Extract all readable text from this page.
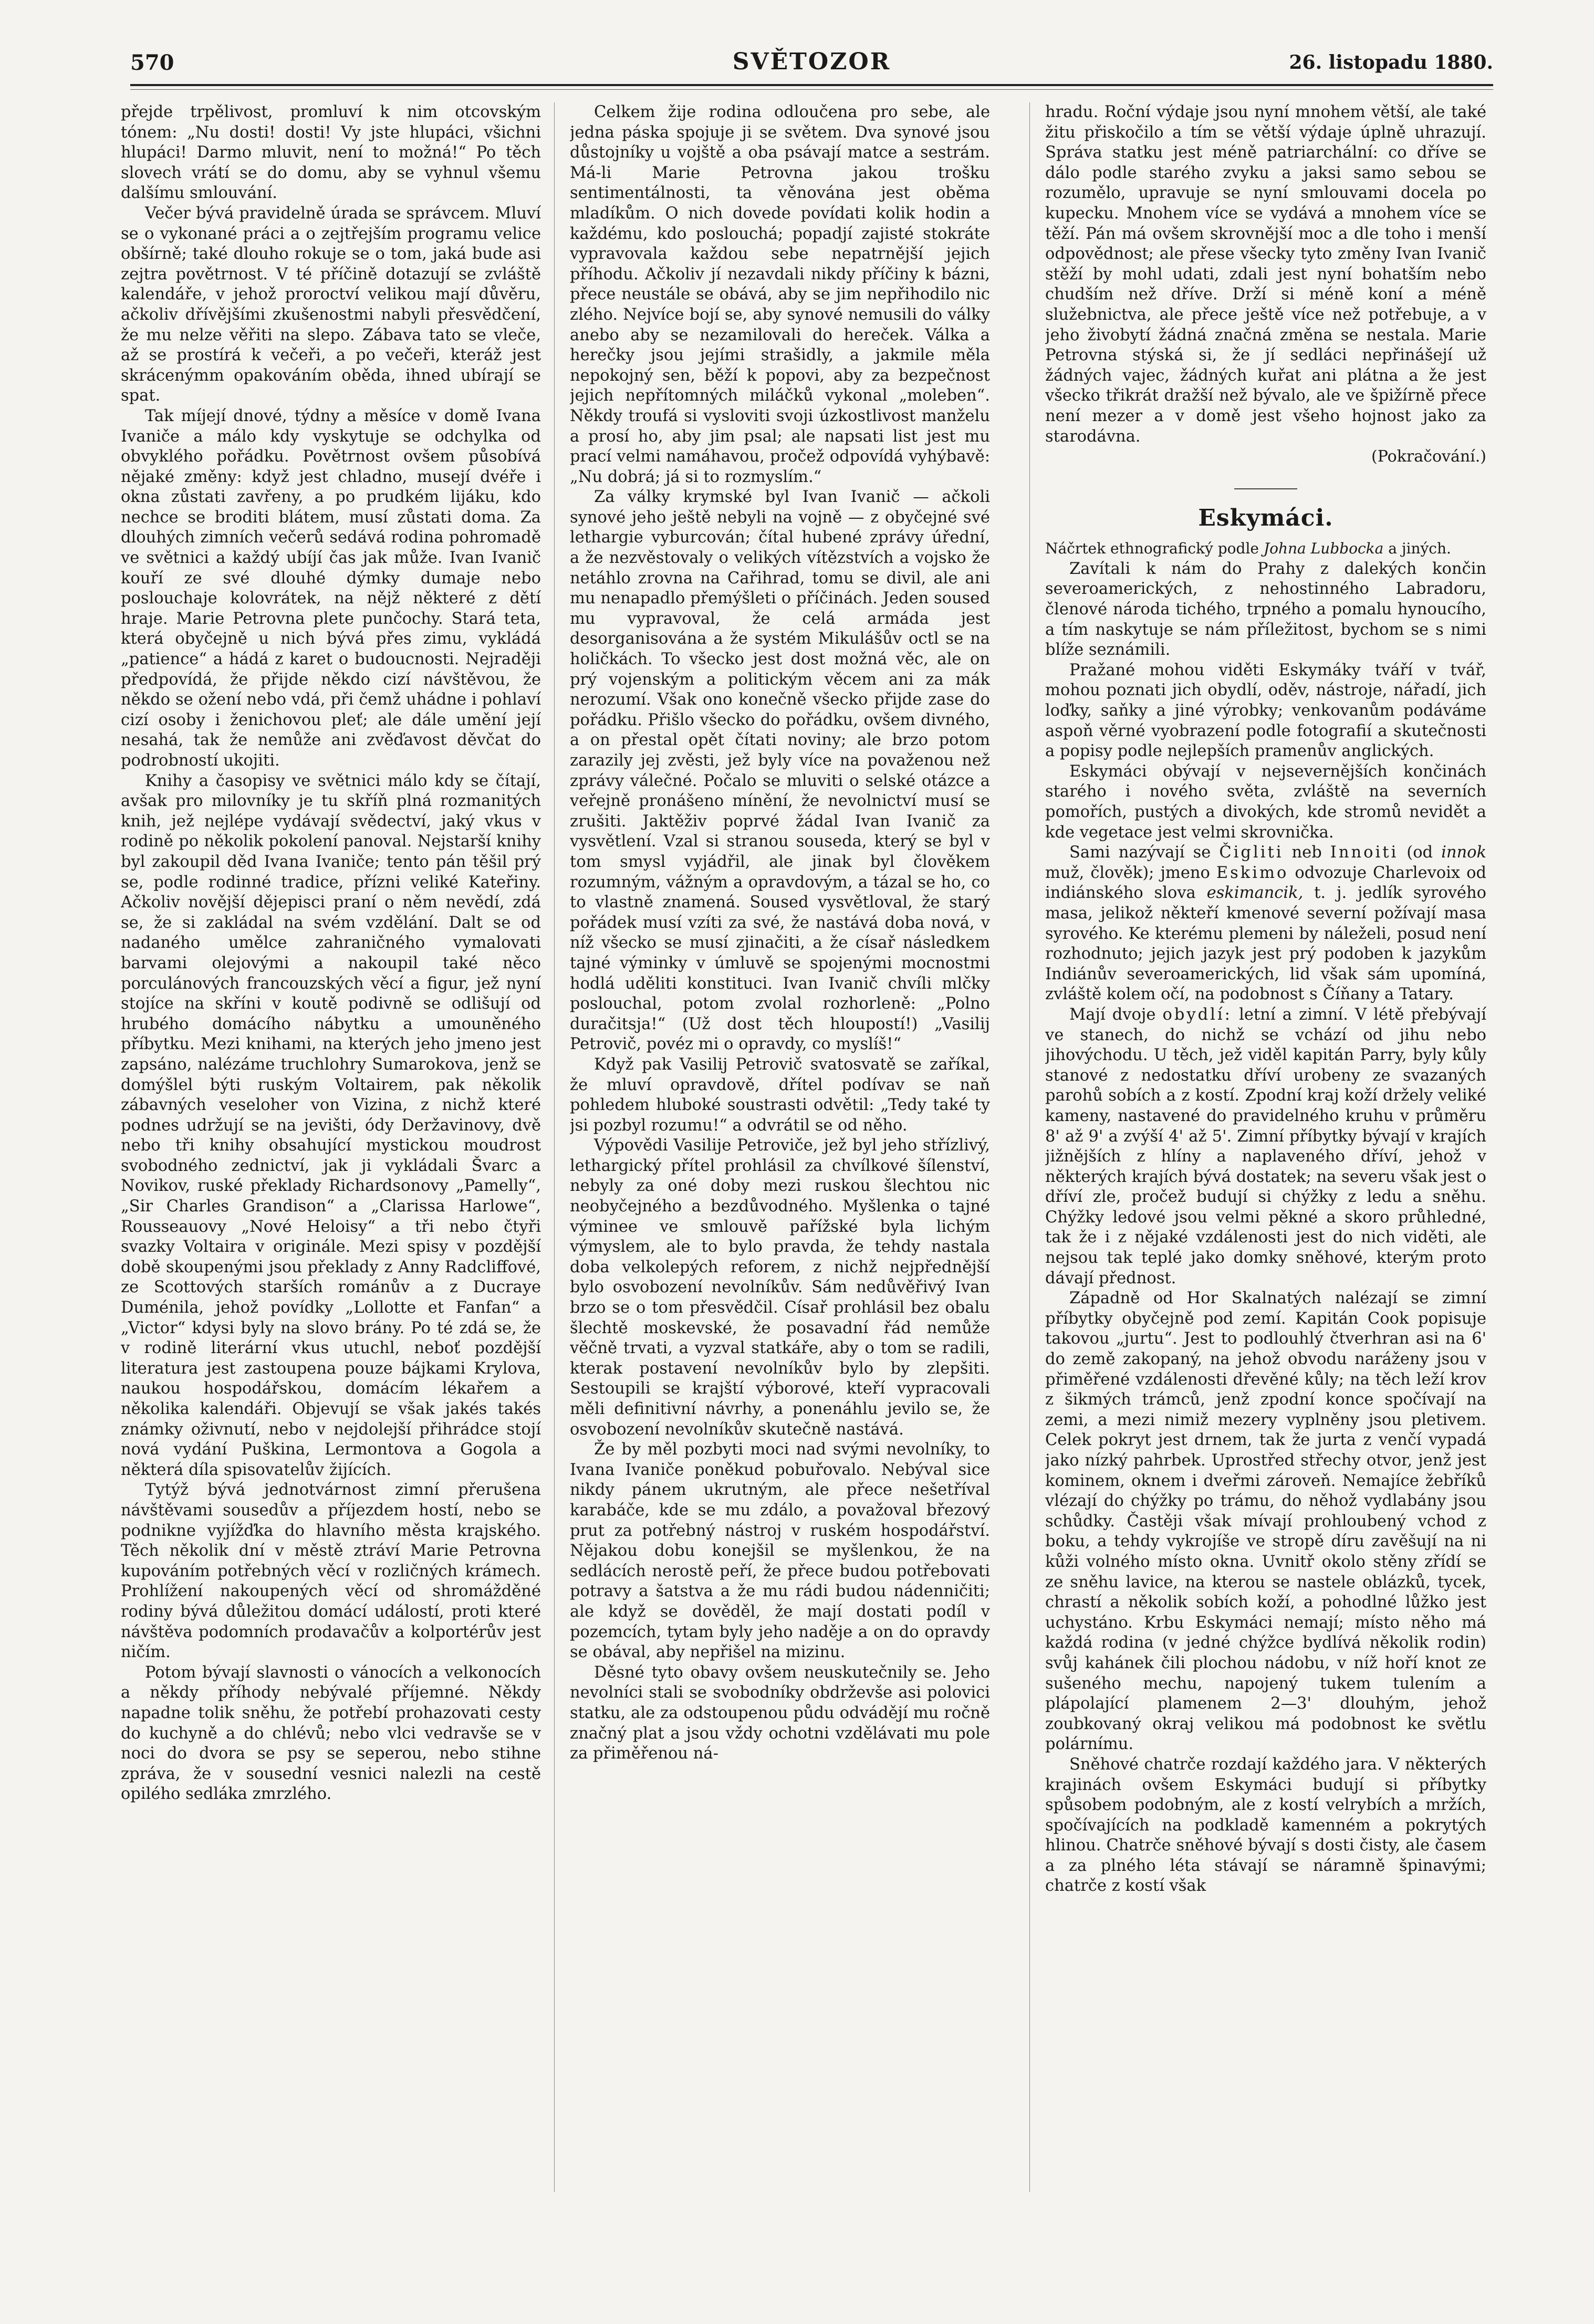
570	SVĚTOZOR	26. listopadu 1880.

přejde trpělivost, promluví k nim otcovským tónem: „Nu dosti! dosti! Vy jste hlupáci, všichni hlupáci! Darmo mluvit, není to možná!“ Po těch slovech vrátí se do domu, aby se vyhnul všemu dalšímu smlouvání.

Večer bývá pravidelně úrada se správcem. Mluví se o vykonané práci a o zejtřejším programu velice obšírně; také dlouho rokuje se o tom, jaká bude asi zejtra povětrnost. V té příčině dotazují se zvláště kalendáře, v jehož proroctví velikou mají důvěru, ačkoliv dřívějšími zkušenostmi nabyli přesvědčení, že mu nelze věřiti na slepo. Zábava tato se vleče, až se prostírá k večeři, a po večeři, kteráž jest skrácenýmm opakováním oběda, ihned ubírají se spat.

Tak míjejí dnové, týdny a měsíce v domě Ivana Ivaniče a málo kdy vyskytuje se odchylka od obvyklého pořádku. Povětrnost ovšem působívá nějaké změny: když jest chladno, musejí dvéře i okna zůstati zavřeny, a po prudkém lijáku, kdo nechce se broditi blátem, musí zůstati doma. Za dlouhých zimních večerů sedává rodina pohromadě ve světnici a každý ubíjí čas jak může. Ivan Ivanič kouří ze své dlouhé dýmky dumaje nebo poslouchaje kolovrátek, na nějž některé z dětí hraje. Marie Petrovna plete punčochy. Stará teta, která obyčejně u nich bývá přes zimu, vykládá „patience“ a hádá z karet o budoucnosti. Nejraději předpovídá, že přijde někdo cizí návštěvou, že někdo se ožení nebo vdá, při čemž uhádne i pohlaví cizí osoby i ženichovou pleť; ale dále umění její nesahá, tak že nemůže ani zvěďavost děvčat do podrobností ukojiti.

Knihy a časopisy ve světnici málo kdy se čítají, avšak pro milovníky je tu skříň plná rozmanitých knih, jež nejlépe vydávají svědectví, jaký vkus v rodině po několik pokolení panoval. Nejstarší knihy byl zakoupil děd Ivana Ivaniče; tento pán těšil prý se, podle rodinné tradice, přízni veliké Kateřiny. Ačkoliv novější dějepisci praní o něm nevědí, zdá se, že si zakládal na svém vzdělání. Dalt se od nadaného umělce zahraničného vymalovati barvami olejovými a nakoupil také něco porculánových francouzských věcí a figur, jež nyní stojíce na skříni v koutě podivně se odlišují od hrubého domácího nábytku a umouněného příbytku. Mezi knihami, na kterých jeho jmeno jest zapsáno, nalézáme truchlohry Sumarokova, jenž se domýšlel býti ruským Voltairem, pak několik zábavných veseloher von Vizina, z nichž které podnes udržují se na jevišti, ódy Deržavinovy, dvě nebo tři knihy obsahující mystickou moudrost svobodného zednictví, jak ji vykládali Švarc a Novikov, ruské překlady Richardsonovy „Pamelly“, „Sir Charles Grandison“ a „Clarissa Harlowe“, Rousseauovy „Nové Heloisy“ a tři nebo čtyři svazky Voltaira v originále. Mezi spisy v pozdější době skoupenými jsou překlady z Anny Radcliffové, ze Scottových starších románův a z Ducraye Duménila, jehož povídky „Lollotte et Fanfan“ a „Victor“ kdysi byly na slovo brány. Po té zdá se, že v rodině literární vkus utuchl, neboť pozdější literatura jest zastoupena pouze bájkami Krylova, naukou hospodářskou, domácím lékařem a několika kalendáři. Objevují se však jakés takés známky oživnutí, nebo v nejdolejší přihrádce stojí nová vydání Puškina, Lermontova a Gogola a některá díla spisovatelův žijících.

Tytýž bývá jednotvárnost zimní přerušena návštěvami sousedův a příjezdem hostí, nebo se podnikne vyjížďka do hlavního města krajského. Těch několik dní v městě ztráví Marie Petrovna kupováním potřebných věcí v rozličných krámech. Prohlížení nakoupených věcí od shromážděné rodiny bývá důležitou domácí událostí, proti které návštěva podomních prodavačův a kolportérův jest ničím.

Potom bývají slavnosti o vánocích a velkonocích a někdy příhody nebývalé příjemné. Někdy napadne tolik sněhu, že potřebí prohazovati cesty do kuchyně a do chlévů; nebo vlci vedravše se v noci do dvora se psy se seperou, nebo stihne zpráva, že v sousední vesnici nalezli na cestě opilého sedláka zmrzlého.

Celkem žije rodina odloučena pro sebe, ale jedna páska spojuje ji se světem. Dva synové jsou důstojníky u vojště a oba psávají matce a sestrám. Má-li Marie Petrovna jakou trošku sentimentálnosti, ta věnována jest oběma mladíkům. O nich dovede povídati kolik hodin a každému, kdo poslouchá; popadjí zajisté stokráte vypravovala každou sebe nepatrnější jejich příhodu. Ačkoliv jí nezavdali nikdy příčiny k bázni, přece neustále se obává, aby se jim nepřihodilo nic zlého. Nejvíce bojí se, aby synové nemusili do války anebo aby se nezamilovali do hereček. Válka a herečky jsou jejími strašidly, a jakmile měla nepokojný sen, běží k popovi, aby za bezpečnost jejich nepřítomných miláčků vykonal „moleben“. Někdy troufá si vysloviti svoji úzkostlivost manželu a prosí ho, aby jim psal; ale napsati list jest mu prací velmi namáhavou, pročež odpovídá vyhýbavě: „Nu dobrá; já si to rozmyslím.“

Za války krymské byl Ivan Ivanič — ačkoli synové jeho ještě nebyli na vojně — z obyčejné své lethargie vyburcován; čítal hubené zprávy úřední, a že nezvěstovaly o velikých vítězstvích a vojsko že netáhlo zrovna na Cařihrad, tomu se divil, ale ani mu nenapadlo přemýšleti o příčinách. Jeden soused mu vypravoval, že celá armáda jest desorganisována a že systém Mikulášův octl se na holičkách. To všecko jest dost možná věc, ale on prý vojenským a politickým věcem ani za mák nerozumí. Však ono konečně všecko přijde zase do pořádku. Přišlo všecko do pořádku, ovšem divného, a on přestal opět čítati noviny; ale brzo potom zarazily jej zvěsti, jež byly více na považenou než zprávy válečné. Počalo se mluviti o selské otázce a veřejně pronášeno mínění, že nevolnictví musí se zrušiti. Jaktěživ poprvé žádal Ivan Ivanič za vysvětlení. Vzal si stranou souseda, který se byl v tom smysl vyjádřil, ale jinak byl člověkem rozumným, vážným a opravdovým, a tázal se ho, co to vlastně znamená. Soused vysvětloval, že starý pořádek musí vzíti za své, že nastává doba nová, v níž všecko se musí zjinačiti, a že císař následkem tajné výminky v úmluvě se spojenými mocnostmi hodlá uděliti konstituci. Ivan Ivanič chvíli mlčky poslouchal, potom zvolal rozhorleně: „Polno duračitsja!“ (Už dost těch hloupostí!) „Vasilij Petrovič, povéz mi o opravdy, co myslíš!“

Když pak Vasilij Petrovič svatosvatě se zaříkal, že mluví opravdově, dřítel podívav se naň pohledem hluboké soustrasti odvětil: „Tedy také ty jsi pozbyl rozumu!“ a odvrátil se od něho.

Výpovědi Vasilije Petroviče, jež byl jeho střízlivý, lethargický přítel prohlásil za chvílkové šílenství, nebyly za oné doby mezi ruskou šlechtou nic neobyčejného a bezdůvodného. Myšlenka o tajné výminee ve smlouvě pařížské byla lichým výmyslem, ale to bylo pravda, že tehdy nastala doba velkolepých reforem, z nichž nejpřednější bylo osvobození nevolníkův. Sám nedůvěřivý Ivan brzo se o tom přesvědčil. Císař prohlásil bez obalu šlechtě moskevské, že posavadní řád nemůže věčně trvati, a vyzval statkáře, aby o tom se radili, kterak postavení nevolníkův bylo by zlepšiti. Sestoupili se krajští výborové, kteří vypracovali měli definitivní návrhy, a ponenáhlu jevilo se, že osvobození nevolníkův skutečně nastává.

Že by měl pozbyti moci nad svými nevolníky, to Ivana Ivaniče poněkud pobuřovalo. Nebýval sice nikdy pánem ukrutným, ale přece nešetříval karabáče, kde se mu zdálo, a považoval březový prut za potřebný nástroj v ruském hospodářství. Nějakou dobu konejšil se myšlenkou, že na sedlácích nerostě peří, že přece budou potřebovati potravy a šatstva a že mu rádi budou nádenničiti; ale když se dověděl, že mají dostati podíl v pozemcích, tytam byly jeho naděje a on do opravdy se obával, aby nepřišel na mizinu.

Děsné tyto obavy ovšem neuskutečnily se. Jeho nevolníci stali se svobodníky obdrževše asi polovici statku, ale za odstoupenou půdu odvádějí mu ročně značný plat a jsou vždy ochotni vzdělávati mu pole za přiměřenou ná-

hradu. Roční výdaje jsou nyní mnohem větší, ale také žitu přiskočilo a tím se větší výdaje úplně uhrazují. Správa statku jest méně patriarchální: co dříve se dálo podle starého zvyku a jaksi samo sebou se rozumělo, upravuje se nyní smlouvami docela po kupecku. Mnohem více se vydává a mnohem více se těží. Pán má ovšem skrovnější moc a dle toho i menší odpovědnost; ale přese všecky tyto změny Ivan Ivanič stěží by mohl udati, zdali jest nyní bohatším nebo chudším než dříve. Drží si méně koní a méně služebnictva, ale přece ještě více než potřebuje, a v jeho živobytí žádná značná změna se nestala. Marie Petrovna stýská si, že jí sedláci nepřinášejí už žádných vajec, žádných kuřat ani plátna a že jest všecko třikrát dražší než bývalo, ale ve špižírně přece není mezer a v domě jest všeho hojnost jako za starodávna.

(Pokračování.)

Eskymáci.

Náčrtek ethnografický podle Johna Lubbocka a jiných.

Zavítali k nám do Prahy z dalekých končin severoamerických, z nehostinného Labradoru, členové národa tichého, trpného a pomalu hynoucího, a tím naskytuje se nám příležitost, bychom se s nimi blíže seznámili.

Pražané mohou viděti Eskymáky tváří v tvář, mohou poznati jich obydlí, oděv, nástroje, nářadí, jich loďky, saňky a jiné výrobky; venkovanům podáváme aspoň věrné vyobrazení podle fotografií a skutečnosti a popisy podle nejlepších pramenův anglických.

Eskymáci obývají v nejsevernějších končinách starého i nového světa, zvláště na severních pomořích, pustých a divokých, kde stromů nevidět a kde vegetace jest velmi skrovnička.

Sami nazývají se Čigliti neb Innoiti (od innok muž, člověk); jmeno Eskimo odvozuje Charlevoix od indiánského slova eskimancik, t. j. jedlík syrového masa, jelikož někteří kmenové severní požívají masa syrového. Ke kterému plemeni by náleželi, posud není rozhodnuto; jejich jazyk jest prý podoben k jazykům Indiánův severoamerických, lid však sám upomíná, zvláště kolem očí, na podobnost s Číňany a Tatary.

Mají dvoje obydlí: letní a zimní. V létě přebývají ve stanech, do nichž se vchází od jihu nebo jihovýchodu. U těch, jež viděl kapitán Parry, byly kůly stanové z nedostatku dříví urobeny ze svazaných parohů sobích a z kostí. Zpodní kraj koží držely veliké kameny, nastavené do pravidelného kruhu v průměru 8' až 9' a zvýší 4' až 5'. Zimní příbytky bývají v krajích jižnějších z hlíny a naplaveného dříví, jehož v některých krajích bývá dostatek; na severu však jest o dříví zle, pročež budují si chýžky z ledu a sněhu. Chýžky ledové jsou velmi pěkné a skoro průhledné, tak že i z nějaké vzdálenosti jest do nich viděti, ale nejsou tak teplé jako domky sněhové, kterým proto dávají přednost.

Západně od Hor Skalnatých nalézají se zimní příbytky obyčejně pod zemí. Kapitán Cook popisuje takovou „jurtu“. Jest to podlouhlý čtverhran asi na 6' do země zakopaný, na jehož obvodu naráženy jsou v přiměřené vzdálenosti dřevěné kůly; na těch leží krov z šikmých trámců, jenž zpodní konce spočívají na zemi, a mezi nimiž mezery vyplněny jsou pletivem. Celek pokryt jest drnem, tak že jurta z venčí vypadá jako nízký pahrbek. Uprostřed střechy otvor, jenž jest kominem, oknem i dveřmi zároveň. Nemajíce žebříků vlézají do chýžky po trámu, do něhož vydlabány jsou schůdky. Častěji však mívají prohloubený vchod z boku, a tehdy vykrojíše ve stropě díru zavěšují na ni kůži volného místo okna. Uvnitř okolo stěny zřídí se ze sněhu lavice, na kterou se nastele oblázků, tycek, chrastí a několik sobích koží, a pohodlné lůžko jest uchystáno. Krbu Eskymáci nemají; místo něho má každá rodina (v jedné chýžce bydlívá několik rodin) svůj kahánek čili plochou nádobu, v níž hoří knot ze sušeného mechu, napojený tukem tulením a plápolající plamenem 2—3' dlouhým, jehož zoubkovaný okraj velikou má podobnost ke světlu polárnímu.

Sněhové chatrče rozdají každého jara. V některých krajinách ovšem Eskymáci budují si příbytky spůsobem podobným, ale z kostí velrybích a mržích, spočívajících na podkladě kamenném a pokrytých hlinou. Chatrče sněhové bývají s dosti čisty, ale časem a za plného léta stávají se náramně špinavými; chatrče z kostí však
